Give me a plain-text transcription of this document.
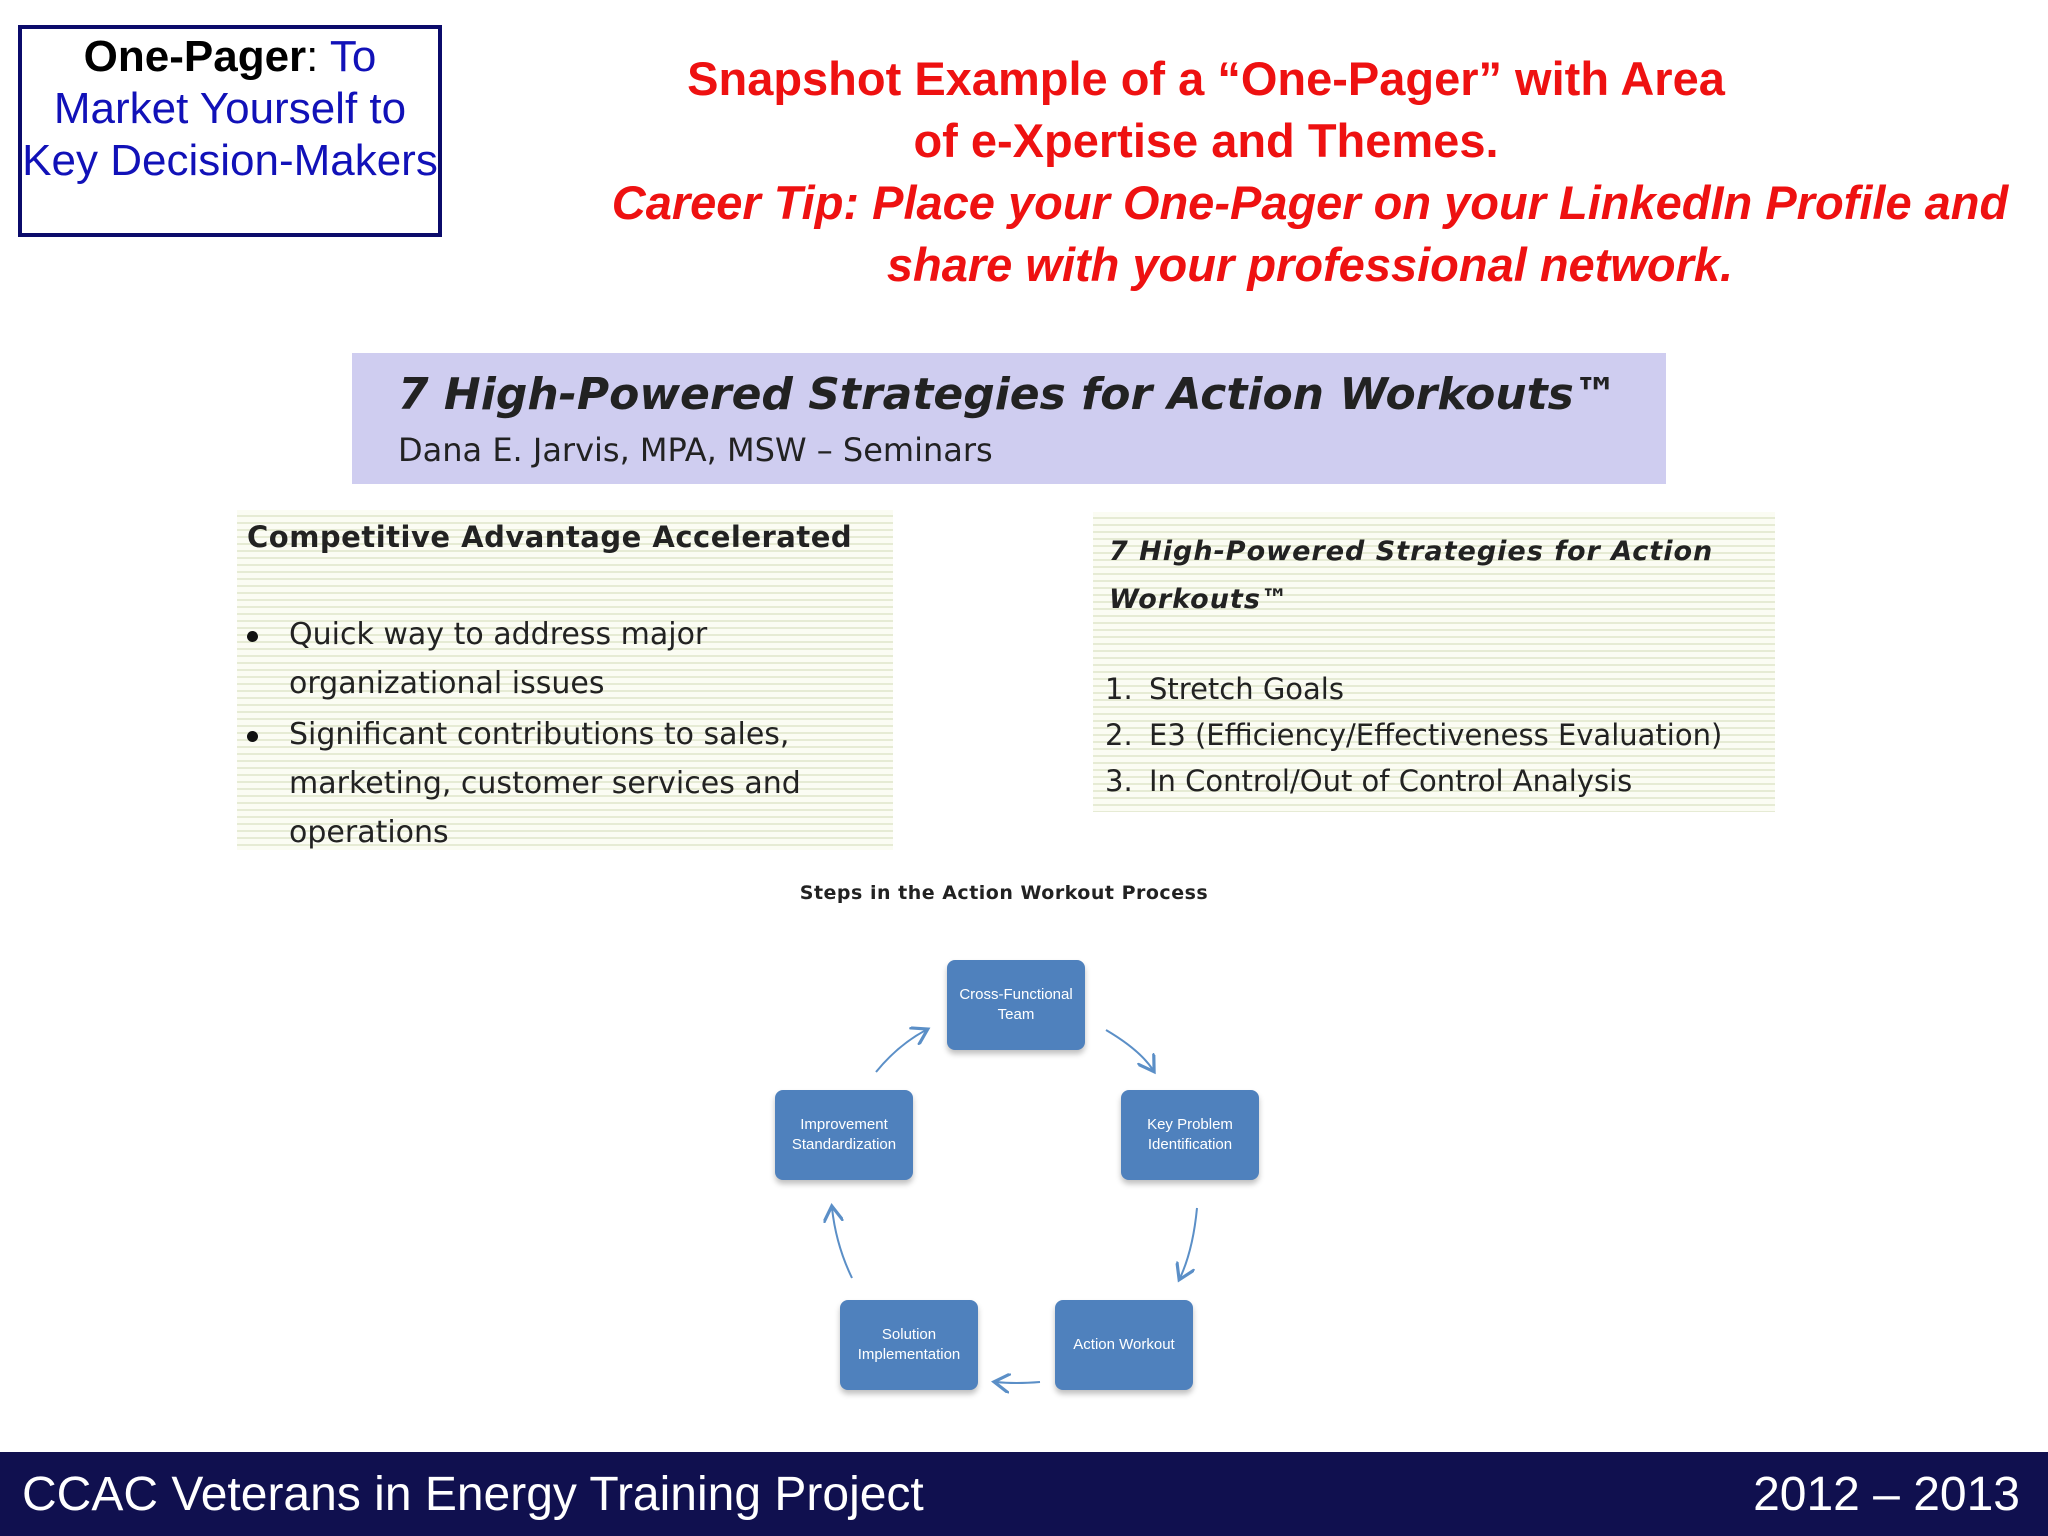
One-Pager: To Market Yourself to Key Decision-Makers
Snapshot Example of a “One-Pager” with Area of e-Xpertise and Themes.
Career Tip: Place your One-Pager on your LinkedIn Profile and share with your professional network.
7 High-Powered Strategies for Action Workouts™
Dana E. Jarvis, MPA, MSW – Seminars
Competitive Advantage Accelerated
Quick way to address major organizational issues
Significant contributions to sales, marketing, customer services and operations
7 High-Powered Strategies for Action Workouts™
1. Stretch Goals
2. E3 (Efficiency/Effectiveness Evaluation)
3. In Control/Out of Control Analysis
Steps in the Action Workout Process
Cross-Functional Team
Key Problem Identification
Action Workout
Solution Implementation
Improvement Standardization
CCAC Veterans in Energy Training Project	2012 – 2013
